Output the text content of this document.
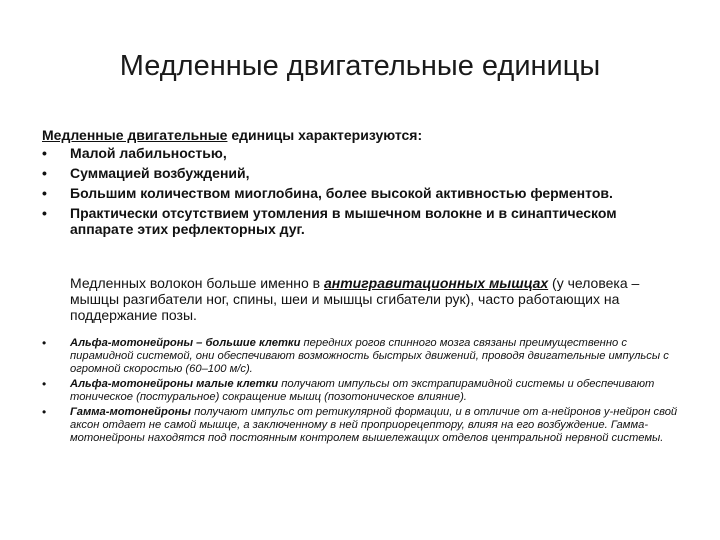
Медленные двигательные единицы

Медленные двигательные единицы характеризуются:

• Малой лабильностью,
• Суммацией возбуждений,
• Большим количеством миоглобина, более высокой активностью ферментов.
• Практически отсутствием утомления в мышечном волокне и в синаптическом аппарате этих рефлекторных дуг.

Медленных волокон больше именно в антигравитационных мышцах (у человека – мышцы разгибатели ног, спины, шеи и мышцы сгибатели рук), часто работающих на поддержание позы.

• Альфа-мотонейроны – большие клетки передних рогов спинного мозга связаны преимущественно с пирамидной системой, они обеспечивают возможность быстрых движений, проводя двигательные импульсы с огромной скоростью (60–100 м/с).
• Альфа-мотонейроны малые клетки получают импульсы от экстрапирамидной системы и обеспечивают тоническое (постуральное) сокращение мышц (позотоническое влияние).
• Гамма-мотонейроны получают импульс от ретикулярной формации, и в отличие от а-нейронов у-нейрон свой аксон отдает не самой мышце, а заключенному в ней проприорецептору, влияя на его возбуждение. Гамма-мотонейроны находятся под постоянным контролем вышележащих отделов центральной нервной системы.
